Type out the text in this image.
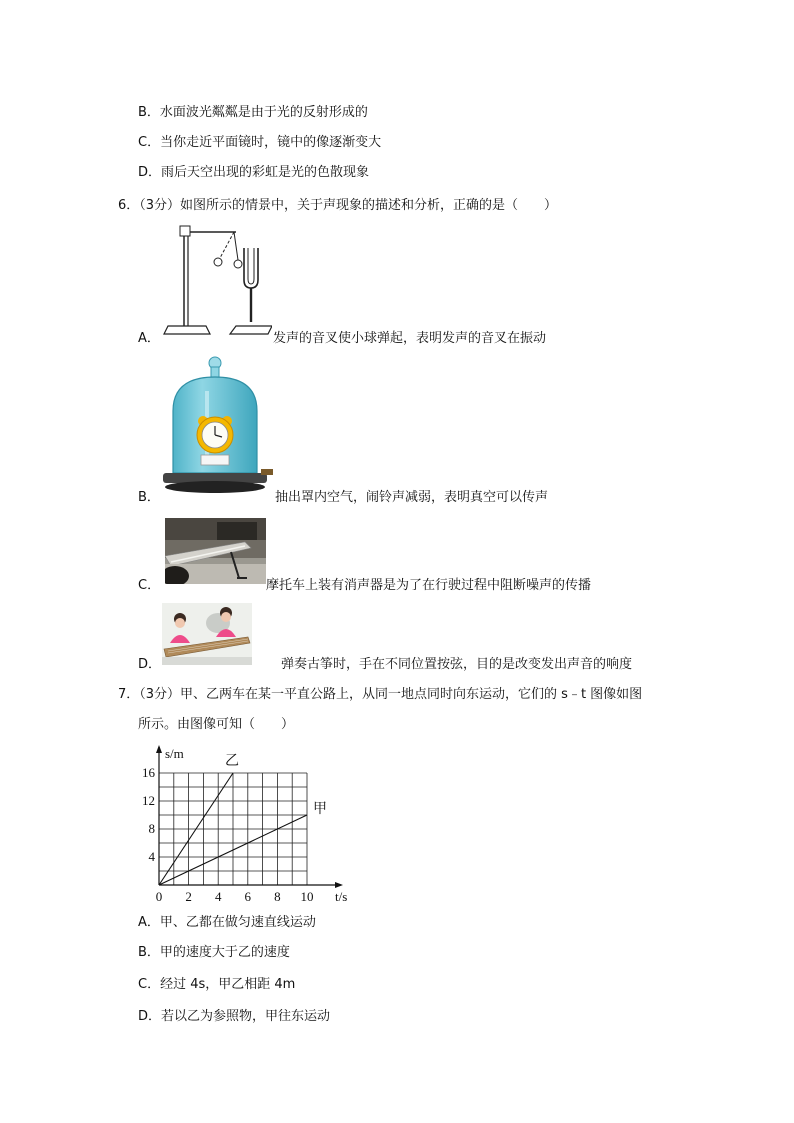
B．水面波光粼粼是由于光的反射形成的
C．当你走近平面镜时，镜中的像逐渐变大
D．雨后天空出现的彩虹是光的色散现象
6．（3分）如图所示的情景中，关于声现象的描述和分析，正确的是（　　）
A．	发声的音叉使小球弹起，表明发声的音叉在振动
B．	抽出罩内空气，闹铃声减弱，表明真空可以传声
C．	摩托车上装有消声器是为了在行驶过程中阻断噪声的传播
D．	弹奏古筝时，手在不同位置按弦，目的是改变发出声音的响度
7．（3分）甲、乙两车在某一平直公路上，从同一地点同时向东运动，它们的 s﹣t 图像如图
所示。由图像可知（　　）
乙
甲
0 2 4 6 8 10
4
8
12
16
t/s
s/m
A．甲、乙都在做匀速直线运动
B．甲的速度大于乙的速度
C．经过 4s，甲乙相距 4m
D．若以乙为参照物，甲往东运动
